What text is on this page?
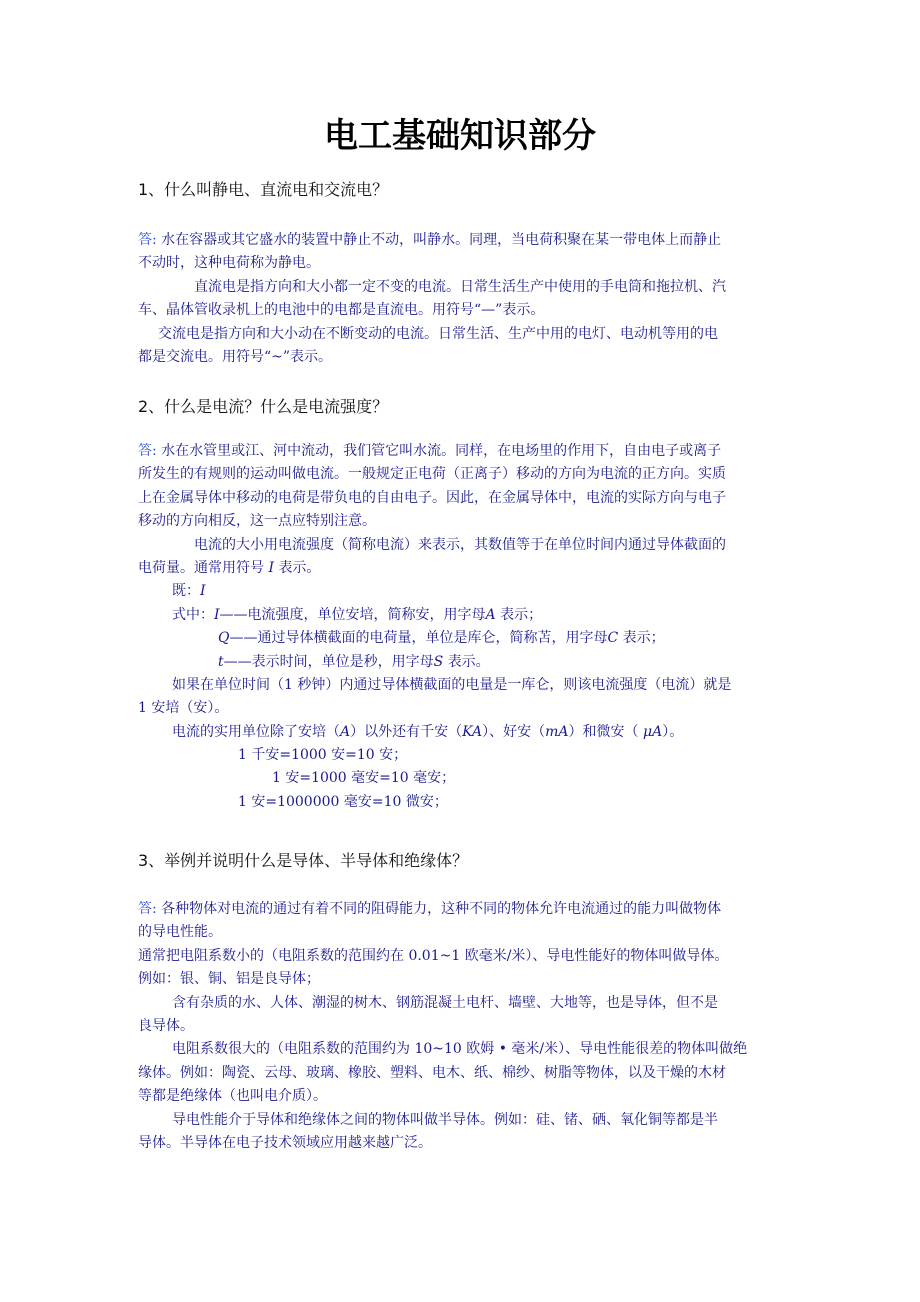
电工基础知识部分
1、什么叫静电、直流电和交流电？
答: 水在容器或其它盛水的装置中静止不动，叫静水。同理，当电荷积聚在某一带电体上而静止
不动时，这种电荷称为静电。
直流电是指方向和大小都一定不变的电流。日常生活生产中使用的手电筒和拖拉机、汽
车、晶体管收录机上的电池中的电都是直流电。用符号“—”表示。
交流电是指方向和大小动在不断变动的电流。日常生活、生产中用的电灯、电动机等用的电
都是交流电。用符号“~”表示。
2、什么是电流？什么是电流强度？
答: 水在水管里或江、河中流动，我们管它叫水流。同样，在电场里的作用下，自由电子或离子
所发生的有规则的运动叫做电流。一般规定正电荷（正离子）移动的方向为电流的正方向。实质
上在金属导体中移动的电荷是带负电的自由电子。因此，在金属导体中，电流的实际方向与电子
移动的方向相反，这一点应特别注意。
电流的大小用电流强度（简称电流）来表示，其数值等于在单位时间内通过导体截面的
电荷量。通常用符号 I 表示。
既：I
式中：I——电流强度，单位安培，简称安，用字母A 表示；
Q——通过导体横截面的电荷量，单位是库仑，简称苫，用字母C 表示；
t——表示时间，单位是秒，用字母S 表示。
如果在单位时间（1 秒钟）内通过导体横截面的电量是一库仑，则该电流强度（电流）就是
1 安培（安）。
电流的实用单位除了安培（A）以外还有千安（KA）、好安（mA）和微安（ μA）。
1 千安=1000 安=10 安；
1 安=1000 毫安=10 毫安；
1 安=1000000 毫安=10 微安；
3、举例并说明什么是导体、半导体和绝缘体？
答: 各种物体对电流的通过有着不同的阻碍能力，这种不同的物体允许电流通过的能力叫做物体
的导电性能。
通常把电阻系数小的（电阻系数的范围约在 0.01~1 欧毫米/米）、导电性能好的物体叫做导体。
例如：银、铜、铝是良导体；
含有杂质的水、人体、潮湿的树木、钢筋混凝土电杆、墙壁、大地等，也是导体，但不是
良导体。
电阻系数很大的（电阻系数的范围约为 10~10 欧姆 • 毫米/米）、导电性能很差的物体叫做绝
缘体。例如：陶瓷、云母、玻璃、橡胶、塑料、电木、纸、棉纱、树脂等物体，以及干燥的木材
等都是绝缘体（也叫电介质）。
导电性能介于导体和绝缘体之间的物体叫做半导体。例如：硅、锗、硒、氧化铜等都是半
导体。半导体在电子技术领域应用越来越广泛。
